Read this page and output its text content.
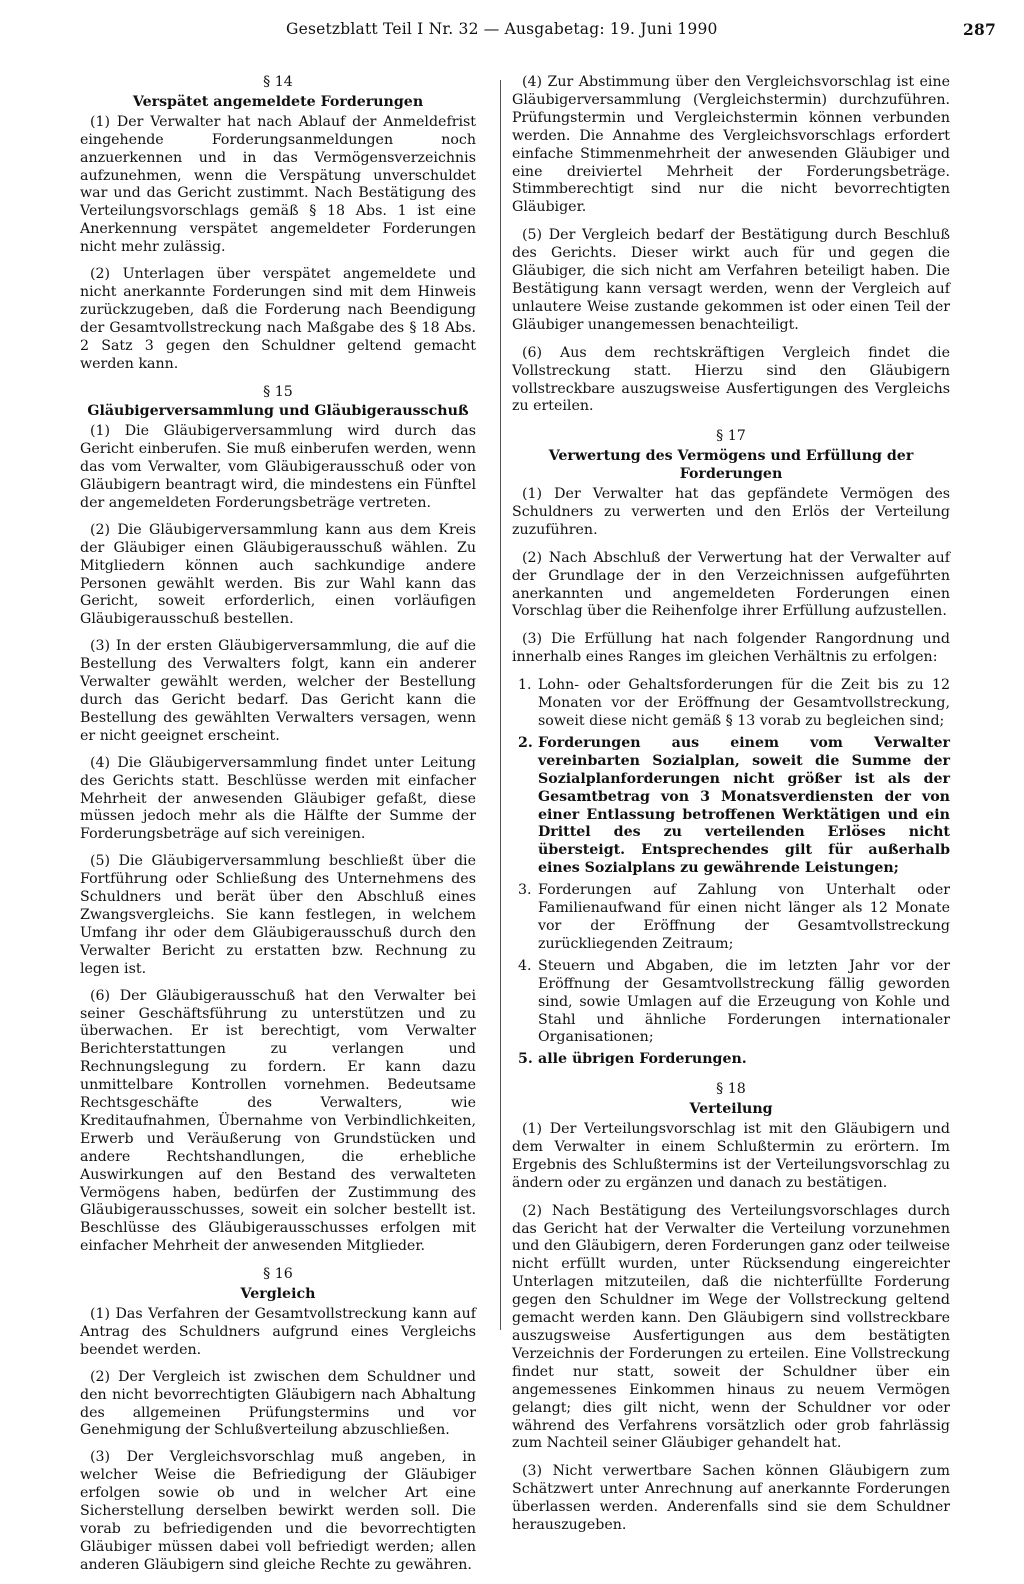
Gesetzblatt Teil I Nr. 32 — Ausgabetag: 19. Juni 1990	287
§ 14
Verspätet angemeldete Forderungen

(1) Der Verwalter hat nach Ablauf der Anmeldefrist eingehende Forderungsanmeldungen noch anzuerkennen und in das Vermögensverzeichnis aufzunehmen, wenn die Verspätung unverschuldet war und das Gericht zustimmt. Nach Bestätigung des Verteilungsvorschlags gemäß § 18 Abs. 1 ist eine Anerkennung verspätet angemeldeter Forderungen nicht mehr zulässig.

(2) Unterlagen über verspätet angemeldete und nicht anerkannte Forderungen sind mit dem Hinweis zurückzugeben, daß die Forderung nach Beendigung der Gesamtvollstreckung nach Maßgabe des § 18 Abs. 2 Satz 3 gegen den Schuldner geltend gemacht werden kann.

§ 15
Gläubigerversammlung und Gläubigerausschuß

(1) Die Gläubigerversammlung wird durch das Gericht einberufen. Sie muß einberufen werden, wenn das vom Verwalter, vom Gläubigerausschuß oder von Gläubigern beantragt wird, die mindestens ein Fünftel der angemeldeten Forderungsbeträge vertreten.

(2) Die Gläubigerversammlung kann aus dem Kreis der Gläubiger einen Gläubigerausschuß wählen. Zu Mitgliedern können auch sachkundige andere Personen gewählt werden. Bis zur Wahl kann das Gericht, soweit erforderlich, einen vorläufigen Gläubigerausschuß bestellen.

(3) In der ersten Gläubigerversammlung, die auf die Bestellung des Verwalters folgt, kann ein anderer Verwalter gewählt werden, welcher der Bestellung durch das Gericht bedarf. Das Gericht kann die Bestellung des gewählten Verwalters versagen, wenn er nicht geeignet erscheint.

(4) Die Gläubigerversammlung findet unter Leitung des Gerichts statt. Beschlüsse werden mit einfacher Mehrheit der anwesenden Gläubiger gefaßt, diese müssen jedoch mehr als die Hälfte der Summe der Forderungsbeträge auf sich vereinigen.

(5) Die Gläubigerversammlung beschließt über die Fortführung oder Schließung des Unternehmens des Schuldners und berät über den Abschluß eines Zwangsvergleichs. Sie kann festlegen, in welchem Umfang ihr oder dem Gläubigerausschuß durch den Verwalter Bericht zu erstatten bzw. Rechnung zu legen ist.

(6) Der Gläubigerausschuß hat den Verwalter bei seiner Geschäftsführung zu unterstützen und zu überwachen. Er ist berechtigt, vom Verwalter Berichterstattungen zu verlangen und Rechnungslegung zu fordern. Er kann dazu unmittelbare Kontrollen vornehmen. Bedeutsame Rechtsgeschäfte des Verwalters, wie Kreditaufnahmen, Übernahme von Verbindlichkeiten, Erwerb und Veräußerung von Grundstücken und andere Rechtshandlungen, die erhebliche Auswirkungen auf den Bestand des verwalteten Vermögens haben, bedürfen der Zustimmung des Gläubigerausschusses, soweit ein solcher bestellt ist. Beschlüsse des Gläubigerausschusses erfolgen mit einfacher Mehrheit der anwesenden Mitglieder.

§ 16
Vergleich

(1) Das Verfahren der Gesamtvollstreckung kann auf Antrag des Schuldners aufgrund eines Vergleichs beendet werden.

(2) Der Vergleich ist zwischen dem Schuldner und den nicht bevorrechtigten Gläubigern nach Abhaltung des allgemeinen Prüfungstermins und vor Genehmigung der Schlußverteilung abzuschließen.

(3) Der Vergleichsvorschlag muß angeben, in welcher Weise die Befriedigung der Gläubiger erfolgen sowie ob und in welcher Art eine Sicherstellung derselben bewirkt werden soll. Die vorab zu befriedigenden und die bevorrechtigten Gläubiger müssen dabei voll befriedigt werden; allen anderen Gläubigern sind gleiche Rechte zu gewähren.

(4) Zur Abstimmung über den Vergleichsvorschlag ist eine Gläubigerversammlung (Vergleichstermin) durchzuführen. Prüfungstermin und Vergleichstermin können verbunden werden. Die Annahme des Vergleichsvorschlags erfordert einfache Stimmenmehrheit der anwesenden Gläubiger und eine dreiviertel Mehrheit der Forderungsbeträge. Stimmberechtigt sind nur die nicht bevorrechtigten Gläubiger.

(5) Der Vergleich bedarf der Bestätigung durch Beschluß des Gerichts. Dieser wirkt auch für und gegen die Gläubiger, die sich nicht am Verfahren beteiligt haben. Die Bestätigung kann versagt werden, wenn der Vergleich auf unlautere Weise zustande gekommen ist oder einen Teil der Gläubiger unangemessen benachteiligt.

(6) Aus dem rechtskräftigen Vergleich findet die Vollstreckung statt. Hierzu sind den Gläubigern vollstreckbare auszugsweise Ausfertigungen des Vergleichs zu erteilen.

§ 17
Verwertung des Vermögens und Erfüllung der Forderungen

(1) Der Verwalter hat das gepfändete Vermögen des Schuldners zu verwerten und den Erlös der Verteilung zuzuführen.

(2) Nach Abschluß der Verwertung hat der Verwalter auf der Grundlage der in den Verzeichnissen aufgeführten anerkannten und angemeldeten Forderungen einen Vorschlag über die Reihenfolge ihrer Erfüllung aufzustellen.

(3) Die Erfüllung hat nach folgender Rangordnung und innerhalb eines Ranges im gleichen Verhältnis zu erfolgen:

1. Lohn- oder Gehaltsforderungen für die Zeit bis zu 12 Monaten vor der Eröffnung der Gesamtvollstreckung, soweit diese nicht gemäß § 13 vorab zu begleichen sind;
2. Forderungen aus einem vom Verwalter vereinbarten Sozialplan, soweit die Summe der Sozialplanforderungen nicht größer ist als der Gesamtbetrag von 3 Monatsverdiensten der von einer Entlassung betroffenen Werktätigen und ein Drittel des zu verteilenden Erlöses nicht übersteigt. Entsprechendes gilt für außerhalb eines Sozialplans zu gewährende Leistungen;
3. Forderungen auf Zahlung von Unterhalt oder Familienaufwand für einen nicht länger als 12 Monate vor der Eröffnung der Gesamtvollstreckung zurückliegenden Zeitraum;
4. Steuern und Abgaben, die im letzten Jahr vor der Eröffnung der Gesamtvollstreckung fällig geworden sind, sowie Umlagen auf die Erzeugung von Kohle und Stahl und ähnliche Forderungen internationaler Organisationen;
5. alle übrigen Forderungen.
§ 18
Verteilung

(1) Der Verteilungsvorschlag ist mit den Gläubigern und dem Verwalter in einem Schlußtermin zu erörtern. Im Ergebnis des Schlußtermins ist der Verteilungsvorschlag zu ändern oder zu ergänzen und danach zu bestätigen.

(2) Nach Bestätigung des Verteilungsvorschlages durch das Gericht hat der Verwalter die Verteilung vorzunehmen und den Gläubigern, deren Forderungen ganz oder teilweise nicht erfüllt wurden, unter Rücksendung eingereichter Unterlagen mitzuteilen, daß die nichterfüllte Forderung gegen den Schuldner im Wege der Vollstreckung geltend gemacht werden kann. Den Gläubigern sind vollstreckbare auszugsweise Ausfertigungen aus dem bestätigten Verzeichnis der Forderungen zu erteilen. Eine Vollstreckung findet nur statt, soweit der Schuldner über ein angemessenes Einkommen hinaus zu neuem Vermögen gelangt; dies gilt nicht, wenn der Schuldner vor oder während des Verfahrens vorsätzlich oder grob fahrlässig zum Nachteil seiner Gläubiger gehandelt hat.

(3) Nicht verwertbare Sachen können Gläubigern zum Schätzwert unter Anrechnung auf anerkannte Forderungen überlassen werden. Anderenfalls sind sie dem Schuldner herauszugeben.
